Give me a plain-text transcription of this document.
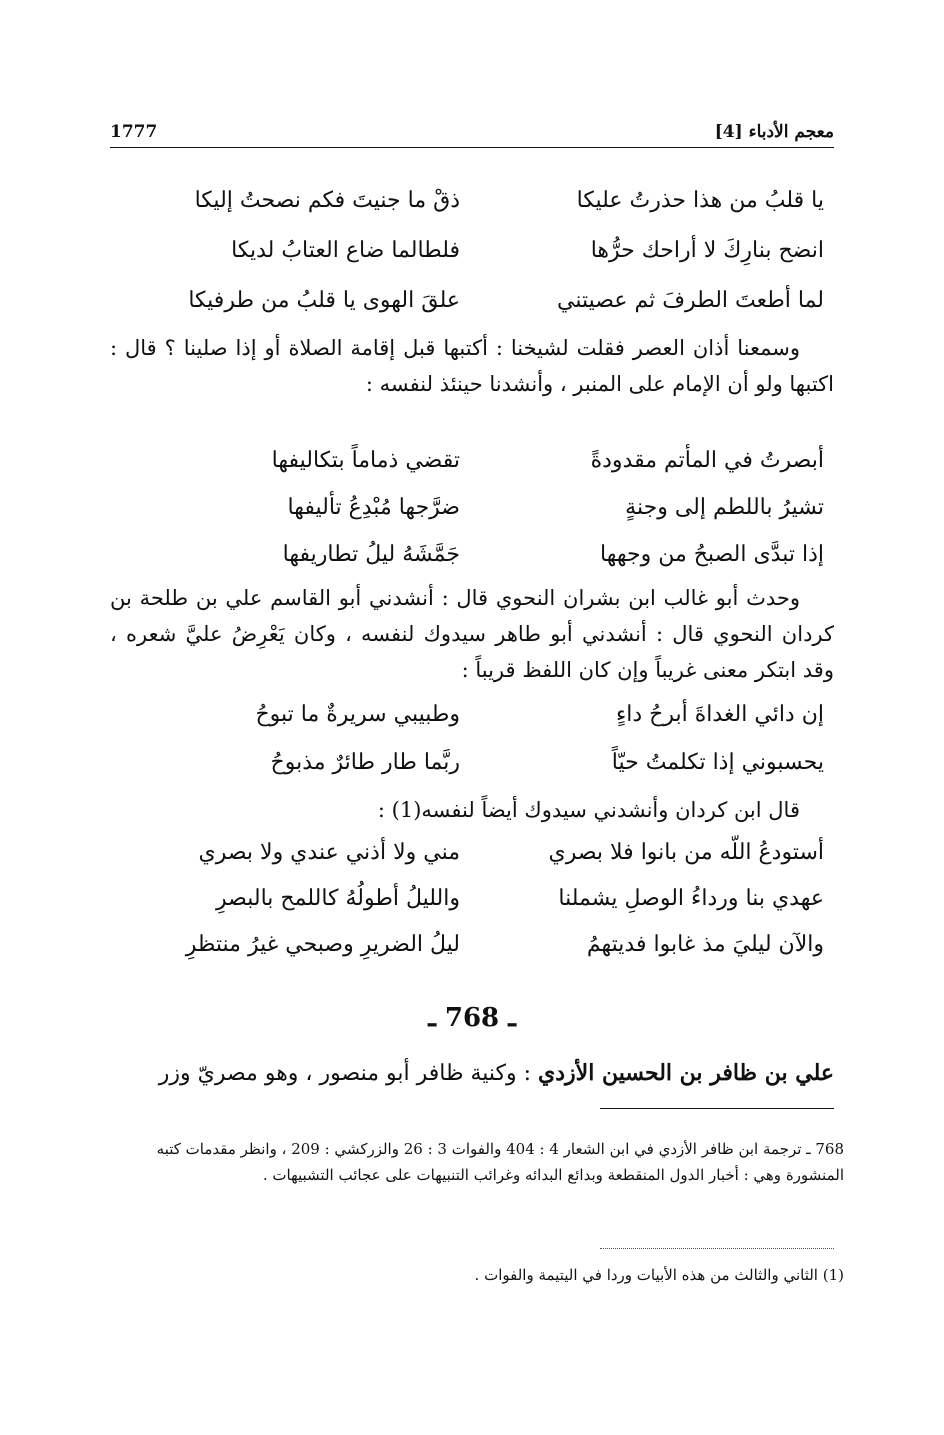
معجم الأدباء [4]
1777
يا قلبُ من هذا حذرتُ عليكا
ذقْ ما جنيتَ فكم نصحتُ إليكا
انضح بنارِكَ لا أراحك حرُّها
فلطالما ضاع العتابُ لديكا
لما أطعتَ الطرفَ ثم عصيتني
علقَ الهوى يا قلبُ من طرفيكا
وسمعنا أذان العصر فقلت لشيخنا : أكتبها قبل إقامة الصلاة أو إذا صلينا ؟ قال : اكتبها ولو أن الإمام على المنبر ، وأنشدنا حينئذ لنفسه :
أبصرتُ في المأتم مقدودةً
تقضي ذماماً بتكاليفها
تشيرُ باللطم إلى وجنةٍ
ضرَّجها مُبْدِعُ تأليفها
إذا تبدَّى الصبحُ من وجهها
جَمَّشَهُ ليلُ تطاريفها
وحدث أبو غالب ابن بشران النحوي قال : أنشدني أبو القاسم علي بن طلحة بن كردان النحوي قال : أنشدني أبو طاهر سيدوك لنفسه ، وكان يَعْرِضُ عليَّ شعره ، وقد ابتكر معنى غريباً وإن كان اللفظ قريباً :
إن دائي الغداةَ أبرحُ داءٍ
وطبيبي سريرةٌ ما تبوحُ
يحسبوني إذا تكلمتُ حيّاً
ربَّما طار طائرٌ مذبوحُ
قال ابن كردان وأنشدني سيدوك أيضاً لنفسه(1) :
أستودعُ اللّه من بانوا فلا بصري
مني ولا أذني عندي ولا بصري
عهدي بنا ورداءُ الوصلِ يشملنا
والليلُ أطولُهُ كاللمح بالبصرِ
والآن ليليَ مذ غابوا فديتهمُ
ليلُ الضريرِ وصبحي غيرُ منتظرِ
ـ 768 ـ
علي بن ظافر بن الحسين الأزدي : وكنية ظافر أبو منصور ، وهو مصريّ وزر
768 ـ ترجمة ابن ظافر الأزدي في ابن الشعار 4 : 404 والفوات 3 : 26 والزركشي : 209 ، وانظر مقدمات كتبه المنشورة وهي : أخبار الدول المنقطعة وبدائع البدائه وغرائب التنبيهات على عجائب التشبيهات .
(1) الثاني والثالث من هذه الأبيات وردا في اليتيمة والفوات .
